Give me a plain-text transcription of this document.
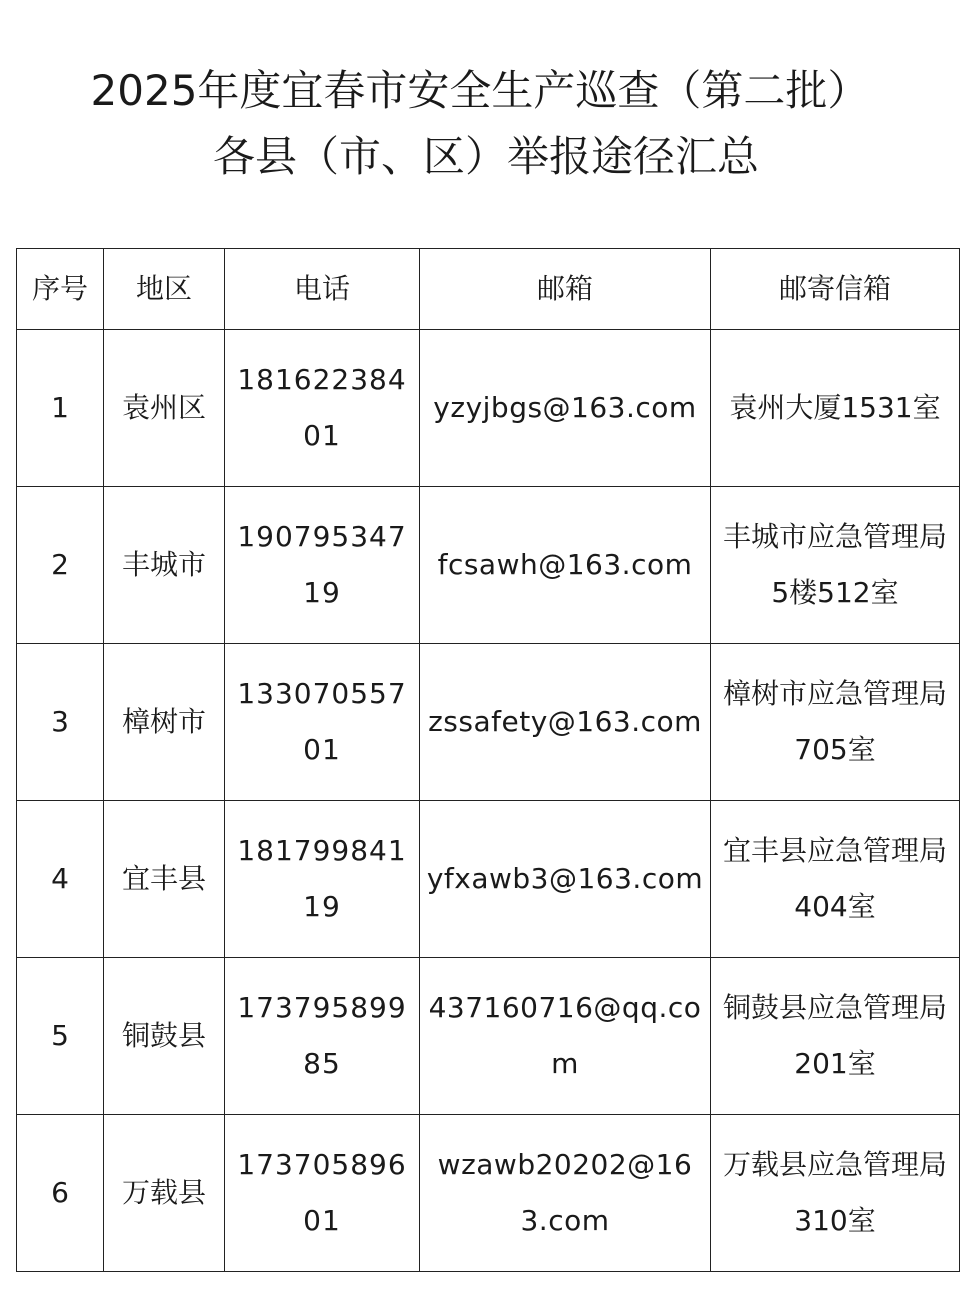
2025年度宜春市安全生产巡查（第二批）
各县（市、区）举报途径汇总
序号	地区	电话	邮箱	邮寄信箱
1	袁州区	18162238401	yzyjbgs@163.com	袁州大厦1531室
2	丰城市	19079534719	fcsawh@163.com	丰城市应急管理局5楼512室
3	樟树市	13307055701	zssafety@163.com	樟树市应急管理局705室
4	宜丰县	18179984119	yfxawb3@163.com	宜丰县应急管理局404室
5	铜鼓县	17379589985	437160716@qq.com	铜鼓县应急管理局201室
6	万载县	17370589601	wzawb20202@163.com	万载县应急管理局310室
